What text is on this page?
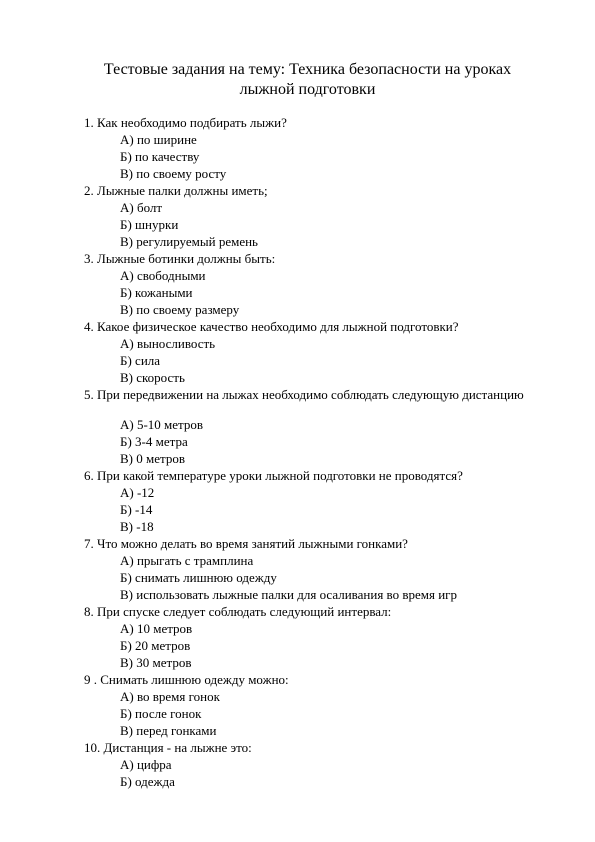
Тестовые задания на тему: Техника безопасности на уроках
лыжной подготовки
1. Как необходимо подбирать лыжи?
А) по ширине
Б) по качеству
В) по своему росту
2. Лыжные палки должны иметь;
А) болт
Б) шнурки
В) регулируемый ремень
3. Лыжные ботинки должны быть:
А) свободными
Б) кожаными
В) по своему размеру
4. Какое физическое качество необходимо для лыжной подготовки?
А) выносливость
Б) сила
В) скорость
5. При передвижении на лыжах необходимо соблюдать следующую дистанцию
А) 5-10 метров
Б) 3-4 метра
В) 0 метров
6. При какой температуре уроки лыжной подготовки не проводятся?
А) -12
Б) -14
В) -18
7. Что можно делать во время занятий лыжными гонками?
А) прыгать с трамплина
Б) снимать лишнюю одежду
В) использовать лыжные палки для осаливания во время игр
8. При спуске следует соблюдать следующий интервал:
А) 10 метров
Б) 20 метров
В) 30 метров
9 . Снимать лишнюю одежду можно:
А) во время гонок
Б) после гонок
В) перед гонками
10. Дистанция - на лыжне это:
А) цифра
Б) одежда
